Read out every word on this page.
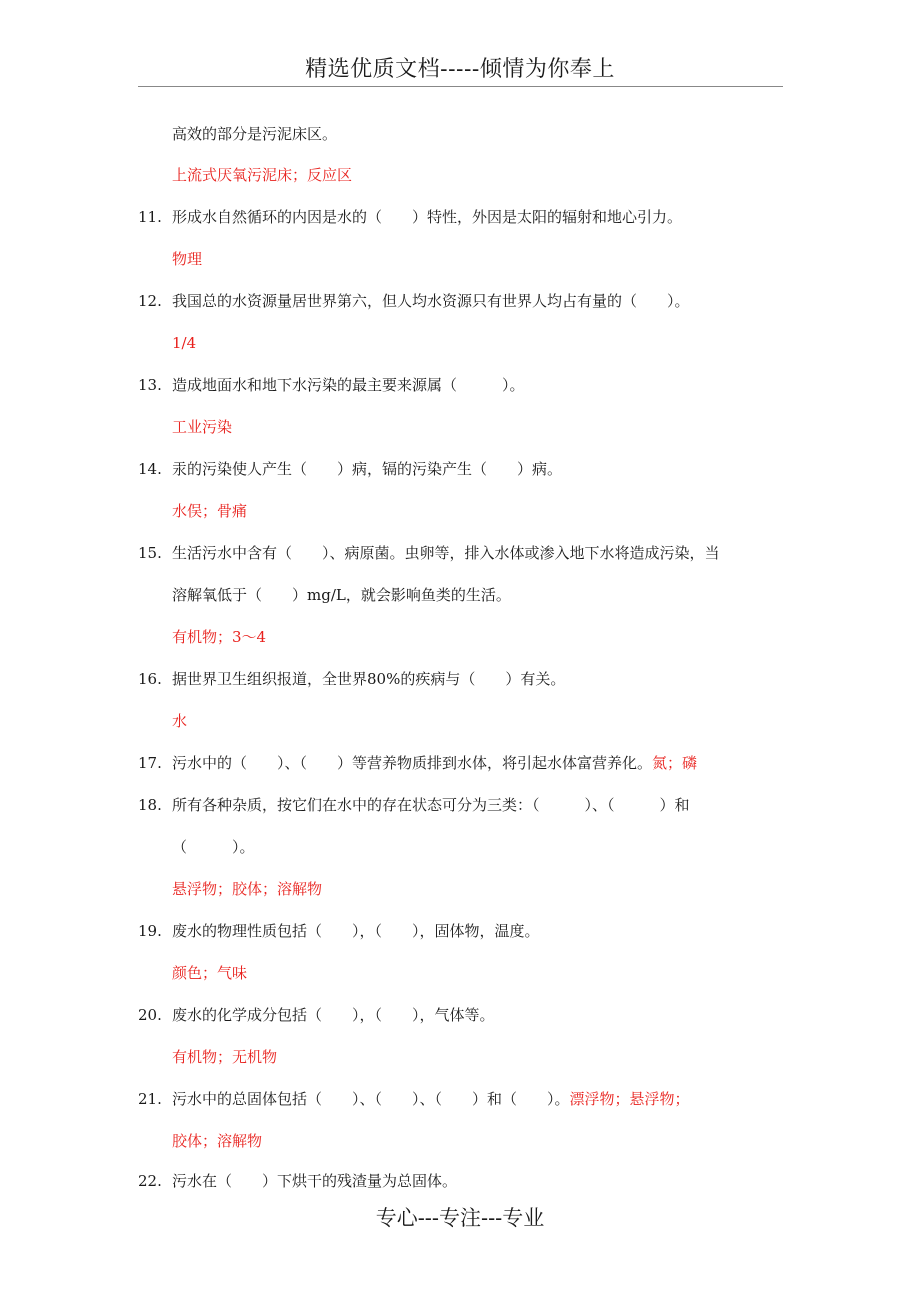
精选优质文档-----倾情为你奉上
高效的部分是污泥床区。
上流式厌氧污泥床；反应区
11. 形成水自然循环的内因是水的（　　）特性，外因是太阳的辐射和地心引力。
物理
12. 我国总的水资源量居世界第六，但人均水资源只有世界人均占有量的（　　）。
1/4
13. 造成地面水和地下水污染的最主要来源属（　　　）。
工业污染
14. 汞的污染使人产生（　　）病，镉的污染产生（　　）病。
水俣；骨痛
15. 生活污水中含有（　　）、病原菌。虫卵等，排入水体或渗入地下水将造成污染，当
溶解氧低于（　　）mg/L，就会影响鱼类的生活。
有机物；3～4
16. 据世界卫生组织报道，全世界80%的疾病与（　　）有关。
水
17. 污水中的（　　）、（　　）等营养物质排到水体，将引起水体富营养化。氮；磷
18. 所有各种杂质，按它们在水中的存在状态可分为三类：（　　　）、（　　　）和
（　　　）。
悬浮物；胶体；溶解物
19. 废水的物理性质包括（　　），（　　），固体物，温度。
颜色；气味
20. 废水的化学成分包括（　　），（　　），气体等。
有机物；无机物
21. 污水中的总固体包括（　　）、（　　）、（　　）和（　　）。漂浮物；悬浮物；
胶体；溶解物
22. 污水在（　　）下烘干的残渣量为总固体。
专心---专注---专业
